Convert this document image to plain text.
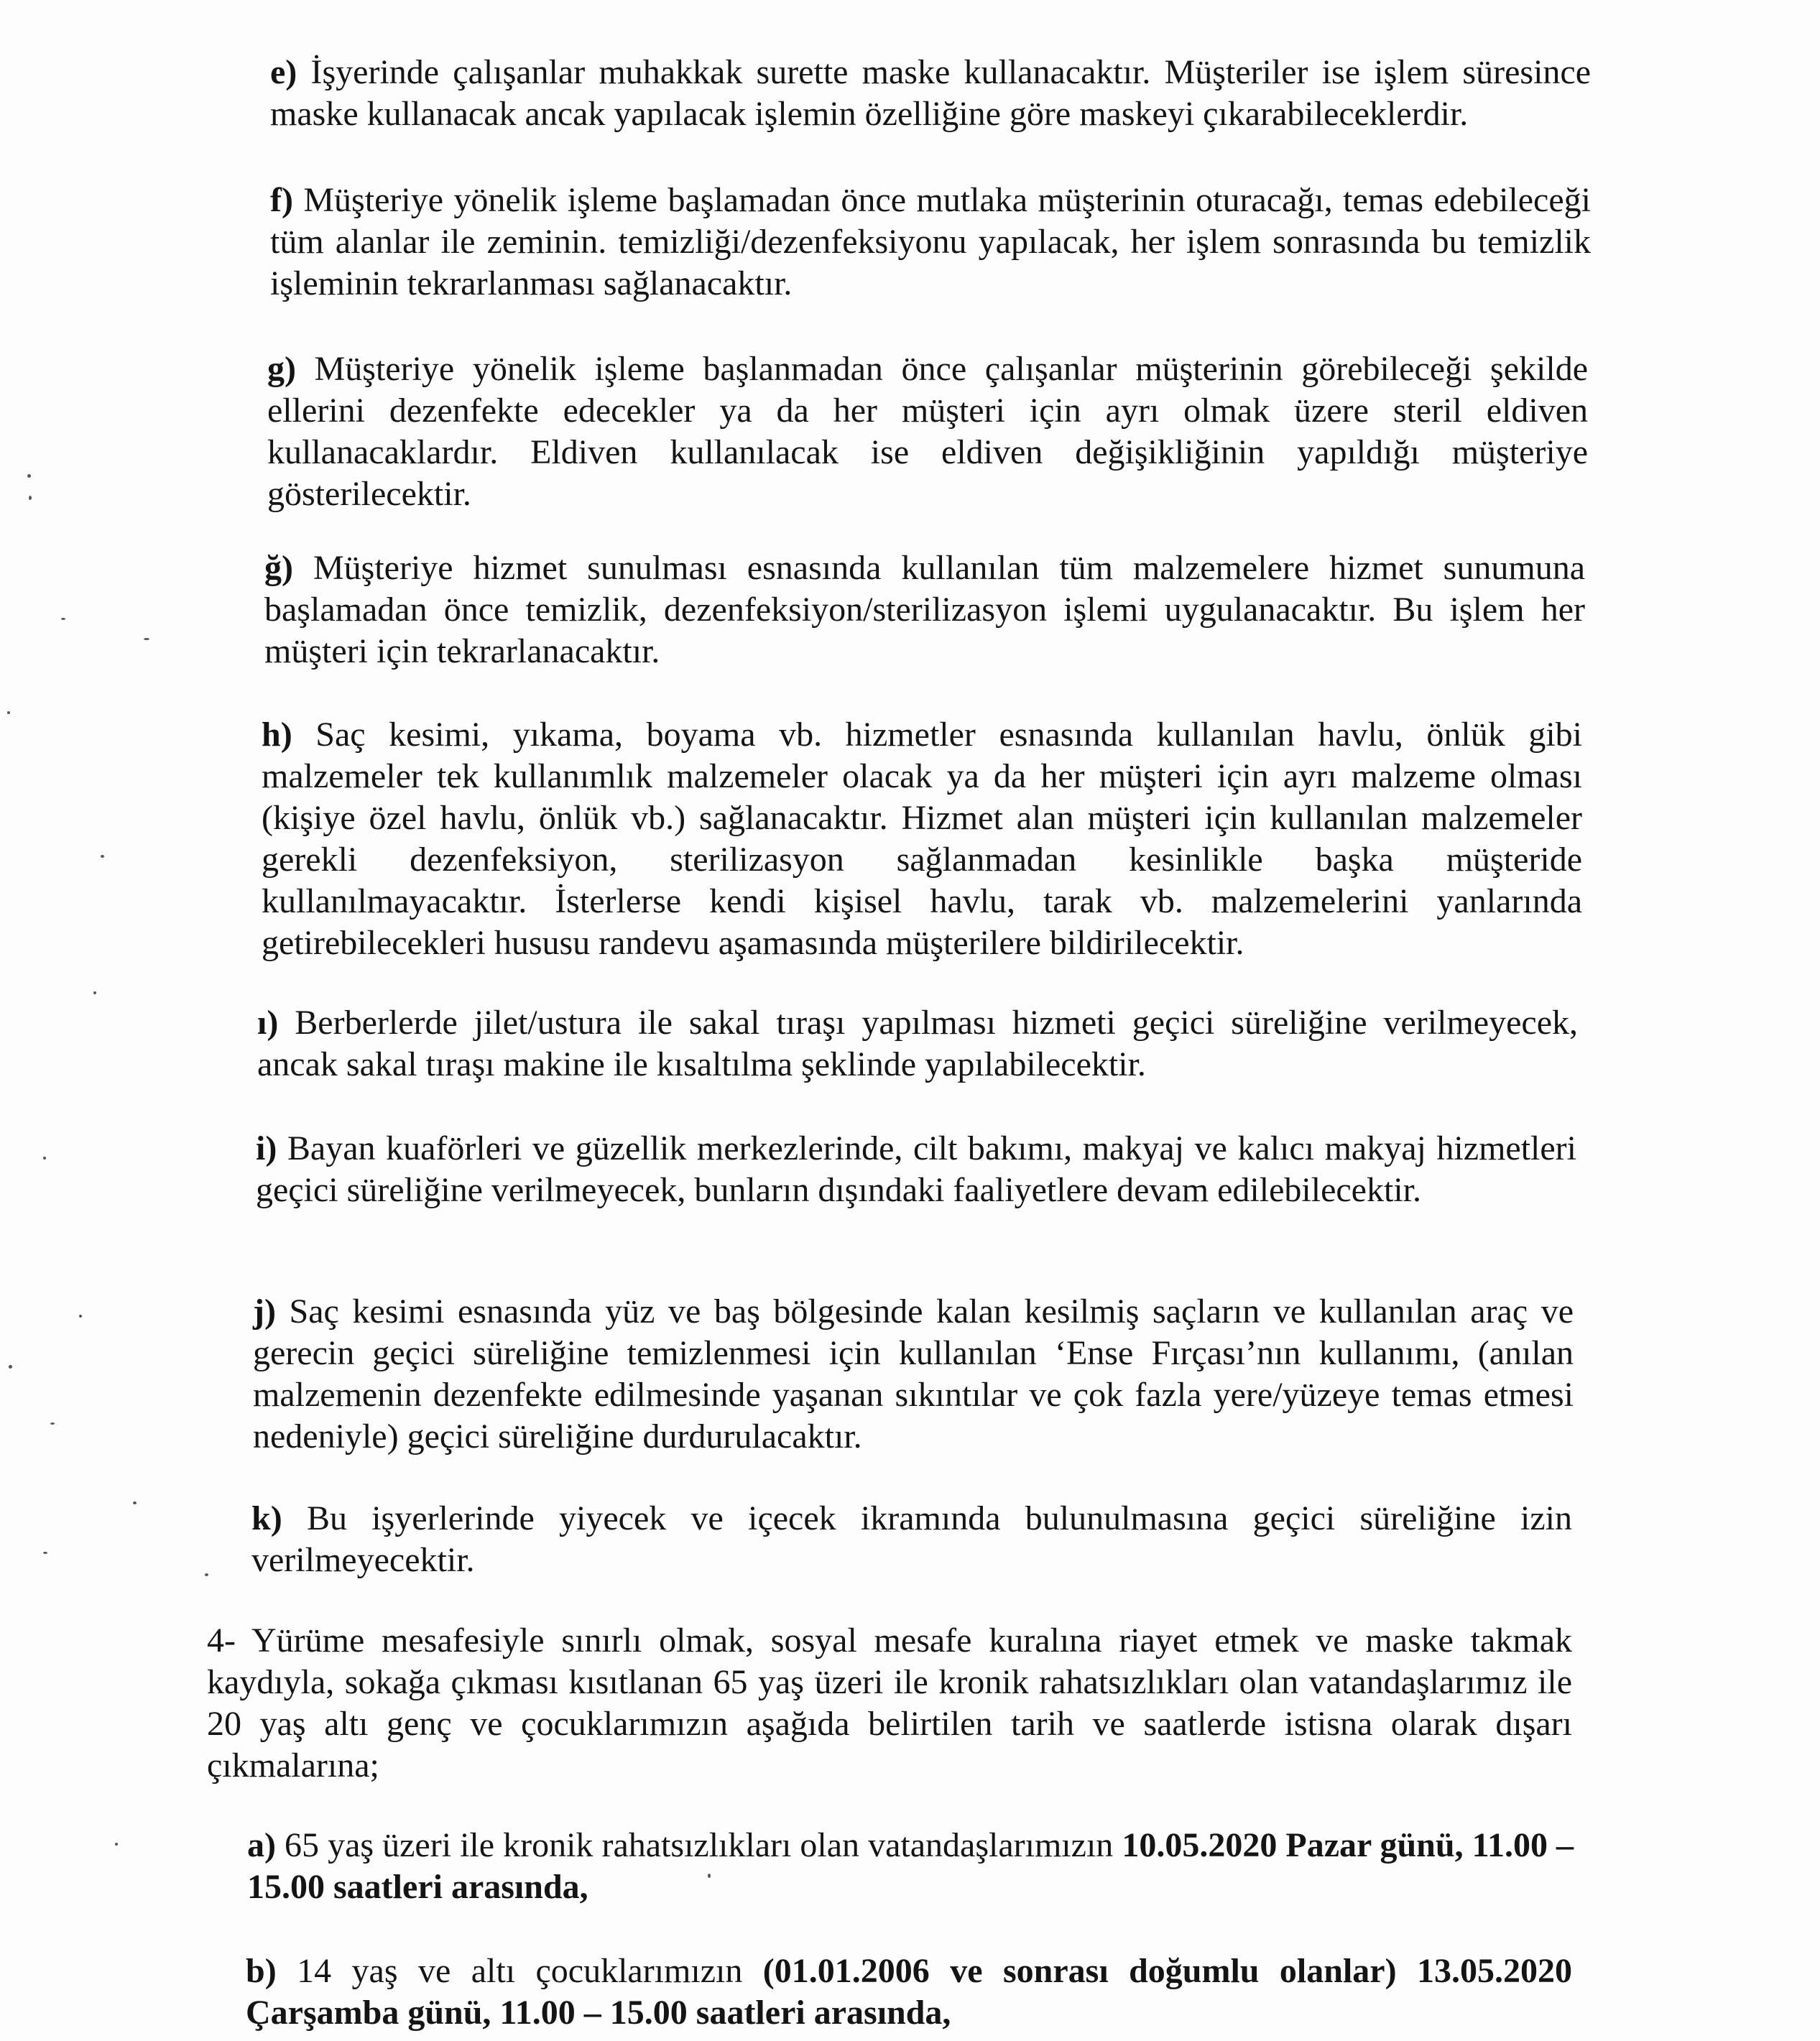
e) İşyerinde çalışanlar muhakkak surette maske kullanacaktır. Müşteriler ise işlem süresince maske kullanacak ancak yapılacak işlemin özelliğine göre maskeyi çıkarabileceklerdir.

f) Müşteriye yönelik işleme başlamadan önce mutlaka müşterinin oturacağı, temas edebileceği tüm alanlar ile zeminin. temizliği/dezenfeksiyonu yapılacak, her işlem sonrasında bu temizlik işleminin tekrarlanması sağlanacaktır.

g) Müşteriye yönelik işleme başlanmadan önce çalışanlar müşterinin görebileceği şekilde ellerini dezenfekte edecekler ya da her müşteri için ayrı olmak üzere steril eldiven kullanacaklardır. Eldiven kullanılacak ise eldiven değişikliğinin yapıldığı müşteriye gösterilecektir.

ğ) Müşteriye hizmet sunulması esnasında kullanılan tüm malzemelere hizmet sunumuna başlamadan önce temizlik, dezenfeksiyon/sterilizasyon işlemi uygulanacaktır. Bu işlem her müşteri için tekrarlanacaktır.

h) Saç kesimi, yıkama, boyama vb. hizmetler esnasında kullanılan havlu, önlük gibi malzemeler tek kullanımlık malzemeler olacak ya da her müşteri için ayrı malzeme olması (kişiye özel havlu, önlük vb.) sağlanacaktır. Hizmet alan müşteri için kullanılan malzemeler gerekli dezenfeksiyon, sterilizasyon sağlanmadan kesinlikle başka müşteride kullanılmayacaktır. İsterlerse kendi kişisel havlu, tarak vb. malzemelerini yanlarında getirebilecekleri hususu randevu aşamasında müşterilere bildirilecektir.

ı) Berberlerde jilet/ustura ile sakal tıraşı yapılması hizmeti geçici süreliğine verilmeyecek, ancak sakal tıraşı makine ile kısaltılma şeklinde yapılabilecektir.

i) Bayan kuaförleri ve güzellik merkezlerinde, cilt bakımı, makyaj ve kalıcı makyaj hizmetleri geçici süreliğine verilmeyecek, bunların dışındaki faaliyetlere devam edilebilecektir.

j) Saç kesimi esnasında yüz ve baş bölgesinde kalan kesilmiş saçların ve kullanılan araç ve gerecin geçici süreliğine temizlenmesi için kullanılan ‘Ense Fırçası’nın kullanımı, (anılan malzemenin dezenfekte edilmesinde yaşanan sıkıntılar ve çok fazla yere/yüzeye temas etmesi nedeniyle) geçici süreliğine durdurulacaktır.

k) Bu işyerlerinde yiyecek ve içecek ikramında bulunulmasına geçici süreliğine izin verilmeyecektir.

4- Yürüme mesafesiyle sınırlı olmak, sosyal mesafe kuralına riayet etmek ve maske takmak kaydıyla, sokağa çıkması kısıtlanan 65 yaş üzeri ile kronik rahatsızlıkları olan vatandaşlarımız ile 20 yaş altı genç ve çocuklarımızın aşağıda belirtilen tarih ve saatlerde istisna olarak dışarı çıkmalarına;

a) 65 yaş üzeri ile kronik rahatsızlıkları olan vatandaşlarımızın 10.05.2020 Pazar günü, 11.00 – 15.00 saatleri arasında,

b) 14 yaş ve altı çocuklarımızın (01.01.2006 ve sonrası doğumlu olanlar) 13.05.2020 Çarşamba günü, 11.00 – 15.00 saatleri arasında,
